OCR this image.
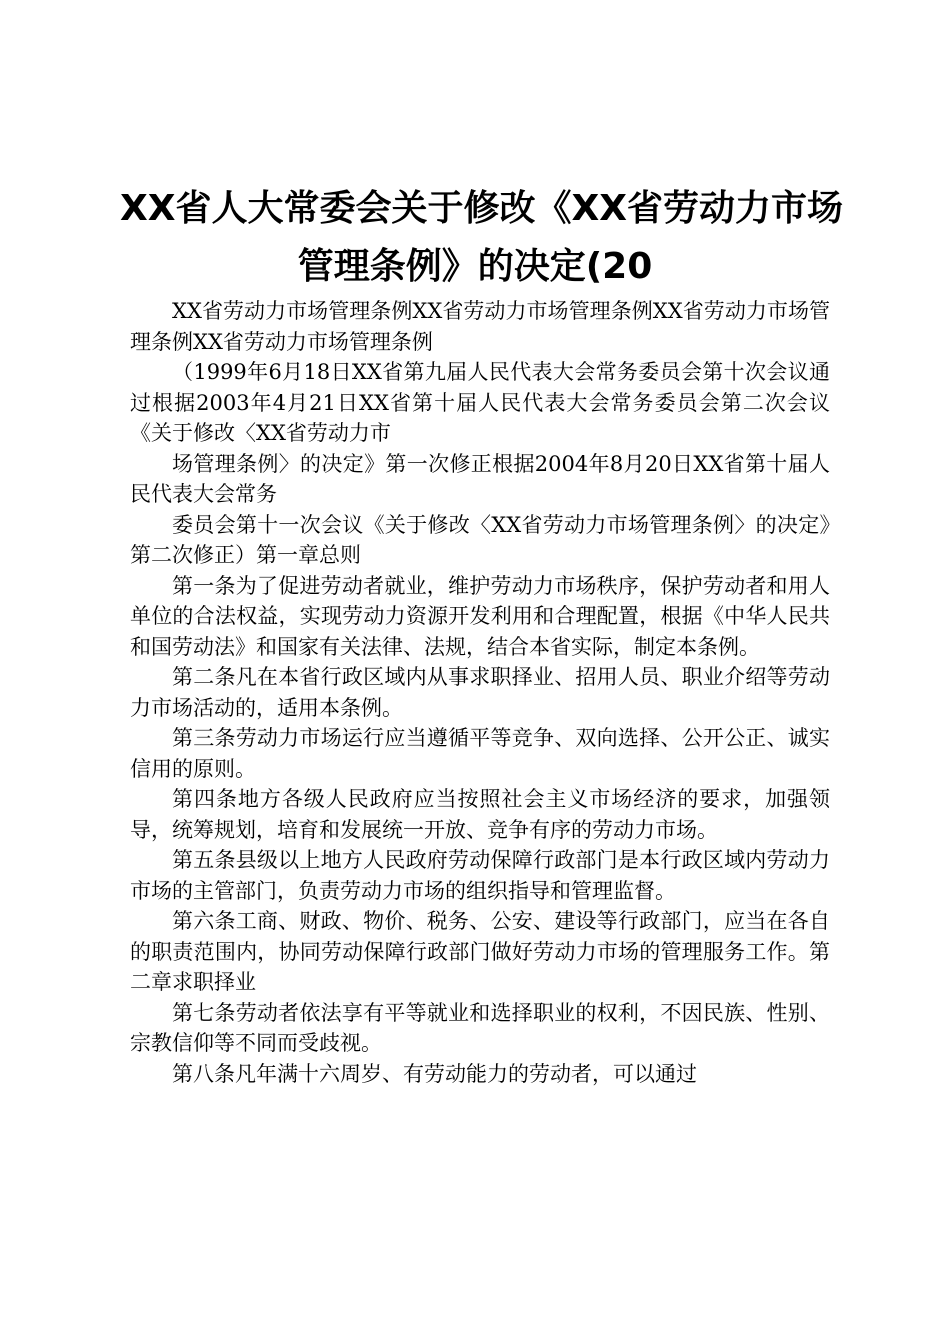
XX省人大常委会关于修改《XX省劳动力市场
管理条例》的决定(20

XX省劳动力市场管理条例XX省劳动力市场管理条例XX省劳动力市场管理条例XX省劳动力市场管理条例

（1999年6月18日XX省第九届人民代表大会常务委员会第十次会议通过根据2003年4月21日XX省第十届人民代表大会常务委员会第二次会议《关于修改〈XX省劳动力市

场管理条例〉的决定》第一次修正根据2004年8月20日XX省第十届人民代表大会常务

委员会第十一次会议《关于修改〈XX省劳动力市场管理条例〉的决定》第二次修正）第一章总则

第一条为了促进劳动者就业，维护劳动力市场秩序，保护劳动者和用人单位的合法权益，实现劳动力资源开发利用和合理配置，根据《中华人民共和国劳动法》和国家有关法律、法规，结合本省实际，制定本条例。

第二条凡在本省行政区域内从事求职择业、招用人员、职业介绍等劳动力市场活动的，适用本条例。

第三条劳动力市场运行应当遵循平等竞争、双向选择、公开公正、诚实信用的原则。

第四条地方各级人民政府应当按照社会主义市场经济的要求，加强领导，统筹规划，培育和发展统一开放、竞争有序的劳动力市场。

第五条县级以上地方人民政府劳动保障行政部门是本行政区域内劳动力市场的主管部门，负责劳动力市场的组织指导和管理监督。

第六条工商、财政、物价、税务、公安、建设等行政部门，应当在各自的职责范围内，协同劳动保障行政部门做好劳动力市场的管理服务工作。第二章求职择业

第七条劳动者依法享有平等就业和选择职业的权利，不因民族、性别、宗教信仰等不同而受歧视。

第八条凡年满十六周岁、有劳动能力的劳动者，可以通过
